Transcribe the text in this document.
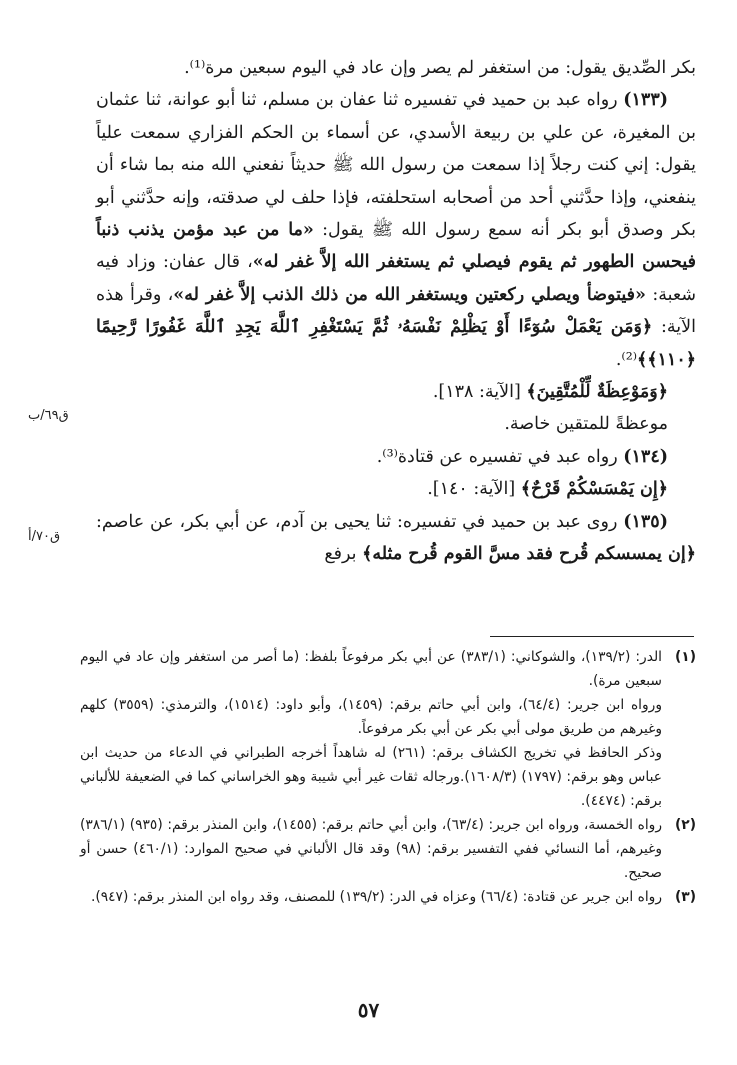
بكر الصِّديق يقول: من استغفر لم يصر وإن عاد في اليوم سبعين مرة⁽¹⁾.

(١٣٣) رواه عبد بن حميد في تفسيره ثنا عفان بن مسلم، ثنا أبو عوانة، ثنا عثمان بن المغيرة، عن علي بن ربيعة الأسدي، عن أسماء بن الحكم الفزاري سمعت علياً يقول: إني كنت رجلاً إذا سمعت من رسول الله ﷺ حديثاً نفعني الله منه بما شاء أن ينفعني، وإذا حدَّثني أحد من أصحابه استحلفته، فإذا حلف لي صدقته، وإنه حدَّثني أبو بكر وصدق أبو بكر أنه سمع رسول الله ﷺ يقول: «ما من عبد مؤمن يذنب ذنباً فيحسن الطهور ثم يقوم فيصلي ثم يستغفر الله إلاَّ غفر له»، قال عفان: وزاد فيه شعبة: «فيتوضأ ويصلي ركعتين ويستغفر الله من ذلك الذنب إلاَّ غفر له»، وقرأ هذه الآية: ﴿وَمَن يَعْمَلْ سُوٓءًا أَوْ يَظْلِمْ نَفْسَهُۥ ثُمَّ يَسْتَغْفِرِ ٱللَّهَ يَجِدِ ٱللَّهَ غَفُورًا رَّحِيمًا ﴿١١٠﴾﴾⁽²⁾.

﴿وَمَوْعِظَةٌ لِّلْمُتَّقِينَ﴾ [الآية: ١٣٨].

موعظةً للمتقين خاصة.

(١٣٤) رواه عبد في تفسيره عن قتادة⁽³⁾.

﴿إِن يَمْسَسْكُمْ قَرْحٌ﴾ [الآية: ١٤٠].

(١٣٥) روى عبد بن حميد في تفسيره: ثنا يحيى بن آدم، عن أبي بكر، عن عاصم: ﴿إن يمسسكم قُرح فقد مسَّ القوم قُرح مثله﴾ برفع

ق٦٩/ب
ق٧٠/أ
(١)
الدر: (١٣٩/٢)، والشوكاني: (٣٨٣/١) عن أبي بكر مرفوعاً بلفظ: (ما أصر من استغفر وإن عاد في اليوم سبعين مرة).

ورواه ابن جرير: (٦٤/٤)، وابن أبي حاتم برقم: (١٤٥٩)، وأبو داود: (١٥١٤)، والترمذي: (٣٥٥٩) كلهم وغيرهم من طريق مولى أبي بكر عن أبي بكر مرفوعاً.

وذكر الحافظ في تخريج الكشاف برقم: (٢٦١) له شاهداً أخرجه الطبراني في الدعاء من حديث ابن عباس وهو برقم: (١٧٩٧) (١٦٠٨/٣).ورجاله ثقات غير أبي شيبة وهو الخراساني كما في الضعيفة للألباني برقم: (٤٤٧٤).

(٢)
رواه الخمسة، ورواه ابن جرير: (٦٣/٤)، وابن أبي حاتم برقم: (١٤٥٥)، وابن المنذر برقم: (٩٣٥) (٣٨٦/١) وغيرهم، أما النسائي ففي التفسير برقم: (٩٨) وقد قال الألباني في صحيح الموارد: (٤٦٠/١) حسن أو صحيح.
(٣)
رواه ابن جرير عن قتادة: (٦٦/٤) وعزاه في الدر: (١٣٩/٢) للمصنف، وقد رواه ابن المنذر برقم: (٩٤٧).
٥٧
